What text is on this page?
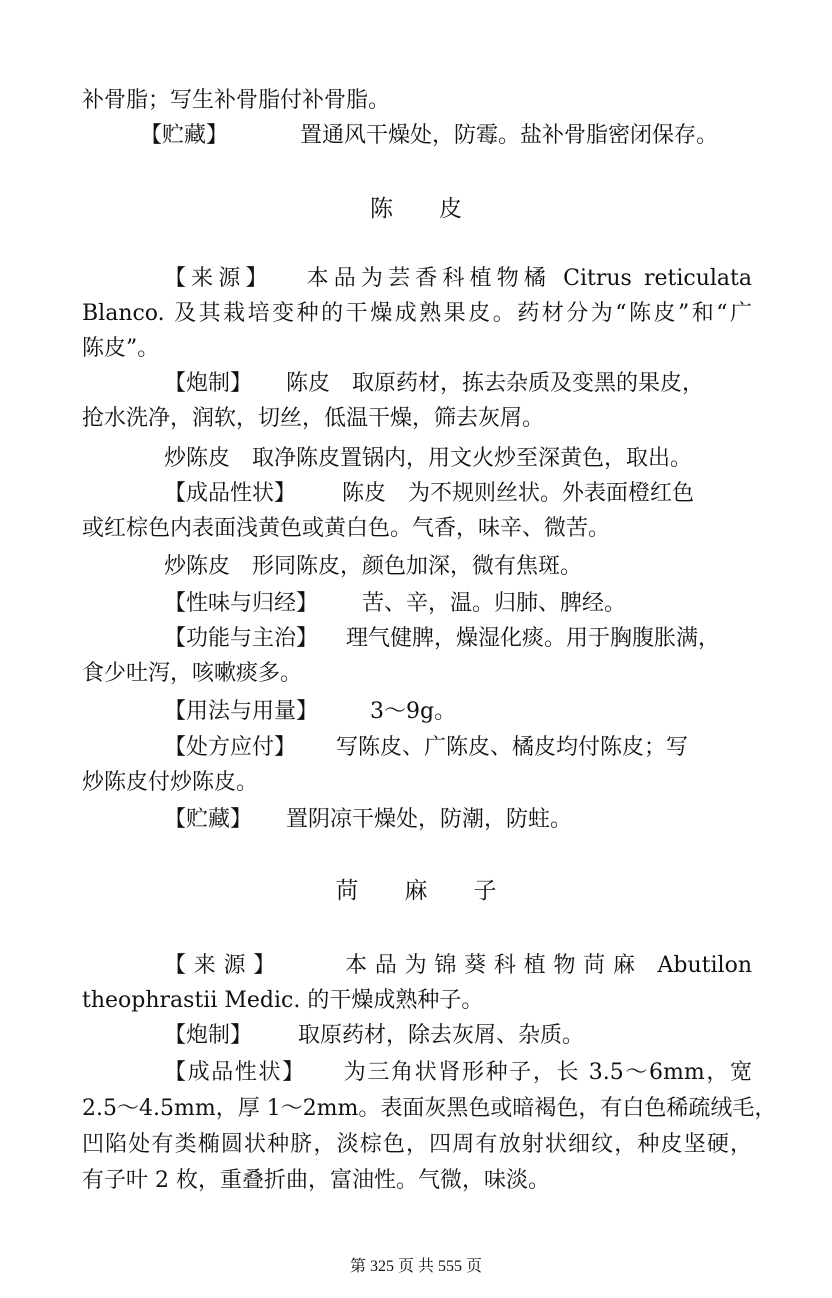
补骨脂；写生补骨脂付补骨脂。
【贮藏】	置通风干燥处，防霉。盐补骨脂密闭保存。
陈　　皮
【来源】 本品为芸香科植物橘 Citrus reticulata
Blanco. 及其栽培变种的干燥成熟果皮。药材分为“陈皮”和“广
陈皮”。
【炮制】 陈皮　取原药材，拣去杂质及变黑的果皮，
抢水洗净，润软，切丝，低温干燥，筛去灰屑。
炒陈皮　取净陈皮置锅内，用文火炒至深黄色，取出。
【成品性状】 陈皮　为不规则丝状。外表面橙红色
或红棕色内表面浅黄色或黄白色。气香，味辛、微苦。
炒陈皮　形同陈皮，颜色加深，微有焦斑。
【性味与归经】 苦、辛，温。归肺、脾经。
【功能与主治】 理气健脾，燥湿化痰。用于胸腹胀满，
食少吐泻，咳嗽痰多。
【用法与用量】 3～9g。
【处方应付】 写陈皮、广陈皮、橘皮均付陈皮；写
炒陈皮付炒陈皮。
【贮藏】 置阴凉干燥处，防潮，防蛀。
苘　　麻　　子
【来源】	本品为锦葵科植物苘麻 Abutilon
theophrastii Medic. 的干燥成熟种子。
【炮制】 取原药材，除去灰屑、杂质。
【成品性状】 为三角状肾形种子，长 3.5～6mm，宽
2.5～4.5mm，厚 1～2mm。表面灰黑色或暗褐色，有白色稀疏绒毛，
凹陷处有类椭圆状种脐，淡棕色，四周有放射状细纹，种皮坚硬，
有子叶 2 枚，重叠折曲，富油性。气微，味淡。
第 325 页 共 555 页
